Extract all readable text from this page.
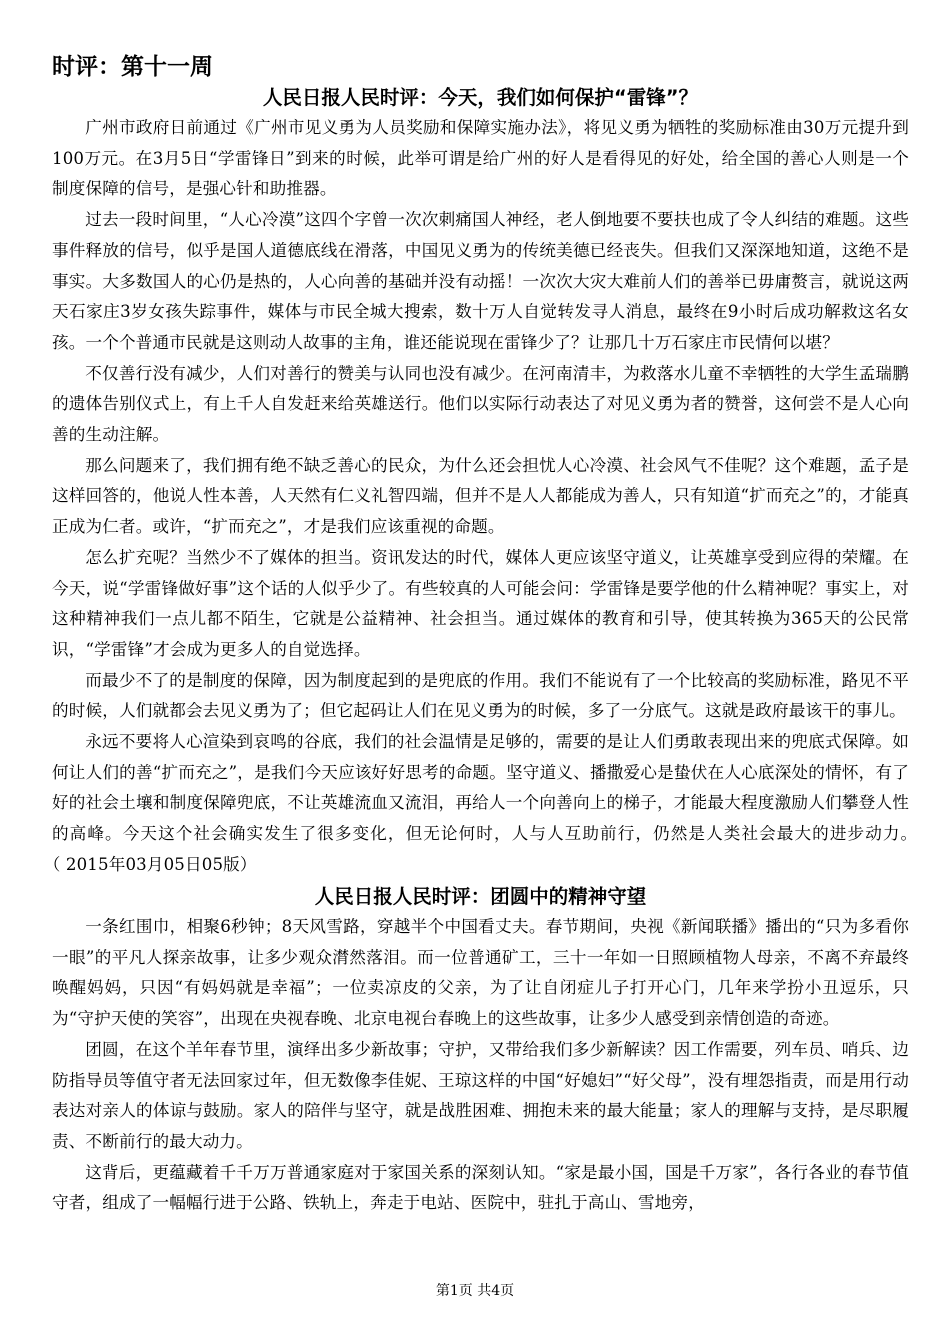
时评：第十一周
人民日报人民时评：今天，我们如何保护“雷锋”？

广州市政府日前通过《广州市见义勇为人员奖励和保障实施办法》，将见义勇为牺牲的奖励标准由30万元提升到100万元。在3月5日“学雷锋日”到来的时候，此举可谓是给广州的好人是看得见的好处，给全国的善心人则是一个制度保障的信号，是强心针和助推器。

过去一段时间里，“人心冷漠”这四个字曾一次次刺痛国人神经，老人倒地要不要扶也成了令人纠结的难题。这些事件释放的信号，似乎是国人道德底线在滑落，中国见义勇为的传统美德已经丧失。但我们又深深地知道，这绝不是事实。大多数国人的心仍是热的，人心向善的基础并没有动摇！一次次大灾大难前人们的善举已毋庸赘言，就说这两天石家庄3岁女孩失踪事件，媒体与市民全城大搜索，数十万人自觉转发寻人消息，最终在9小时后成功解救这名女孩。一个个普通市民就是这则动人故事的主角，谁还能说现在雷锋少了？让那几十万石家庄市民情何以堪？

不仅善行没有减少，人们对善行的赞美与认同也没有减少。在河南清丰，为救落水儿童不幸牺牲的大学生孟瑞鹏的遗体告别仪式上，有上千人自发赶来给英雄送行。他们以实际行动表达了对见义勇为者的赞誉，这何尝不是人心向善的生动注解。

那么问题来了，我们拥有绝不缺乏善心的民众，为什么还会担忧人心冷漠、社会风气不佳呢？这个难题，孟子是这样回答的，他说人性本善，人天然有仁义礼智四端，但并不是人人都能成为善人，只有知道“扩而充之”的，才能真正成为仁者。或许，“扩而充之”，才是我们应该重视的命题。

怎么扩充呢？当然少不了媒体的担当。资讯发达的时代，媒体人更应该坚守道义，让英雄享受到应得的荣耀。在今天，说“学雷锋做好事”这个话的人似乎少了。有些较真的人可能会问：学雷锋是要学他的什么精神呢？事实上，对这种精神我们一点儿都不陌生，它就是公益精神、社会担当。通过媒体的教育和引导，使其转换为365天的公民常识，“学雷锋”才会成为更多人的自觉选择。

而最少不了的是制度的保障，因为制度起到的是兜底的作用。我们不能说有了一个比较高的奖励标准，路见不平的时候，人们就都会去见义勇为了；但它起码让人们在见义勇为的时候，多了一分底气。这就是政府最该干的事儿。

永远不要将人心渲染到哀鸣的谷底，我们的社会温情是足够的，需要的是让人们勇敢表现出来的兜底式保障。如何让人们的善“扩而充之”，是我们今天应该好好思考的命题。坚守道义、播撒爱心是蛰伏在人心底深处的情怀，有了好的社会土壤和制度保障兜底，不让英雄流血又流泪，再给人一个向善向上的梯子，才能最大程度激励人们攀登人性的高峰。今天这个社会确实发生了很多变化，但无论何时，人与人互助前行，仍然是人类社会最大的进步动力。　（ 2015年03月05日05版）

人民日报人民时评：团圆中的精神守望

一条红围巾，相聚6秒钟；8天风雪路，穿越半个中国看丈夫。春节期间，央视《新闻联播》播出的“只为多看你一眼”的平凡人探亲故事，让多少观众潸然落泪。而一位普通矿工，三十一年如一日照顾植物人母亲，不离不弃最终唤醒妈妈，只因“有妈妈就是幸福”；一位卖凉皮的父亲，为了让自闭症儿子打开心门，几年来学扮小丑逗乐，只为“守护天使的笑容”，出现在央视春晚、北京电视台春晚上的这些故事，让多少人感受到亲情创造的奇迹。

团圆，在这个羊年春节里，演绎出多少新故事；守护，又带给我们多少新解读？因工作需要，列车员、哨兵、边防指导员等值守者无法回家过年，但无数像李佳妮、王琼这样的中国“好媳妇”“好父母”，没有埋怨指责，而是用行动表达对亲人的体谅与鼓励。家人的陪伴与坚守，就是战胜困难、拥抱未来的最大能量；家人的理解与支持，是尽职履责、不断前行的最大动力。

这背后，更蕴藏着千千万万普通家庭对于家国关系的深刻认知。“家是最小国，国是千万家”，各行各业的春节值守者，组成了一幅幅行进于公路、铁轨上，奔走于电站、医院中，驻扎于高山、雪地旁，

第1页 共4页
